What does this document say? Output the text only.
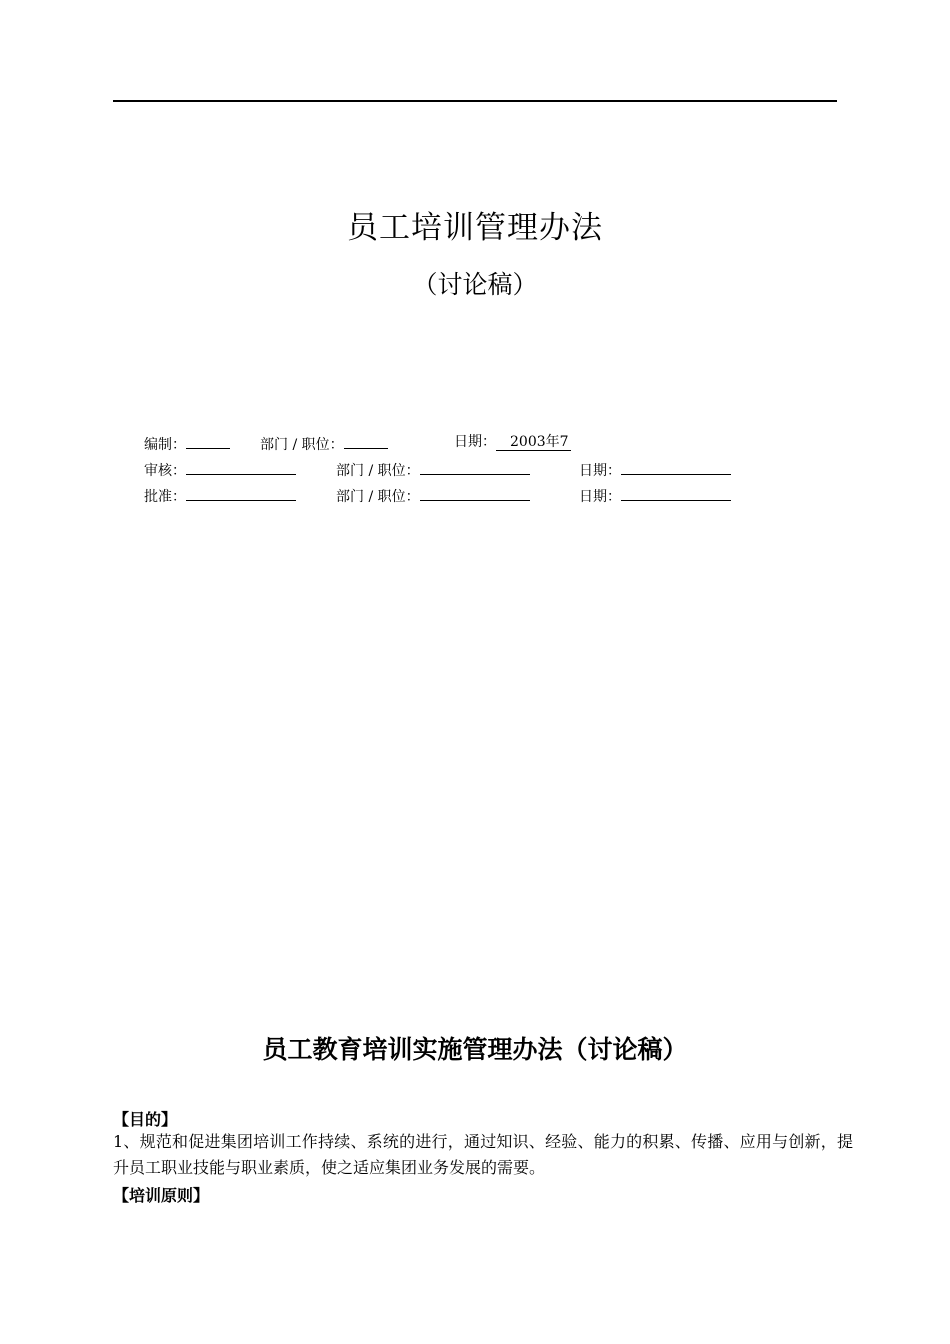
员工培训管理办法
（讨论稿）
编制：	部门 / 职位：	日期： 2003年7
审核：	部门 / 职位：	日期：
批准：	部门 / 职位：	日期：
员工教育培训实施管理办法（讨论稿）
【目的】
1、规范和促进集团培训工作持续、系统的进行，通过知识、经验、能力的积累、传播、应用与创新，提升员工职业技能与职业素质，使之适应集团业务发展的需要。
【培训原则】
